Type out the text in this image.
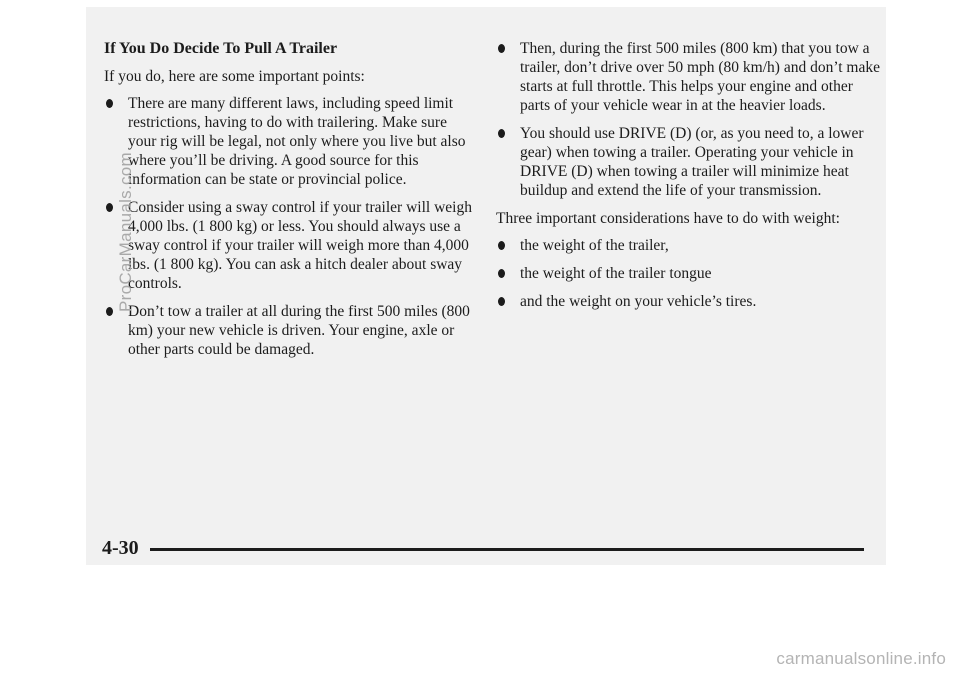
If You Do Decide To Pull A Trailer

If you do, here are some important points:

There are many different laws, including speed limit restrictions, having to do with trailering. Make sure your rig will be legal, not only where you live but also where you’ll be driving. A good source for this information can be state or provincial police.
Consider using a sway control if your trailer will weigh 4,000 lbs. (1 800 kg) or less. You should always use a sway control if your trailer will weigh more than 4,000 lbs. (1 800 kg). You can ask a hitch dealer about sway controls.
Don’t tow a trailer at all during the first 500 miles (800 km) your new vehicle is driven. Your engine, axle or other parts could be damaged.
Then, during the first 500 miles (800 km) that you tow a trailer, don’t drive over 50 mph (80 km/h) and don’t make starts at full throttle. This helps your engine and other parts of your vehicle wear in at the heavier loads.
You should use DRIVE (D) (or, as you need to, a lower gear) when towing a trailer. Operating your vehicle in DRIVE (D) when towing a trailer will minimize heat buildup and extend the life of your transmission.

Three important considerations have to do with weight:

the weight of the trailer,
the weight of the trailer tongue
and the weight on your vehicle’s tires.
4-30
ProCarManuals.com
carmanualsonline.info
